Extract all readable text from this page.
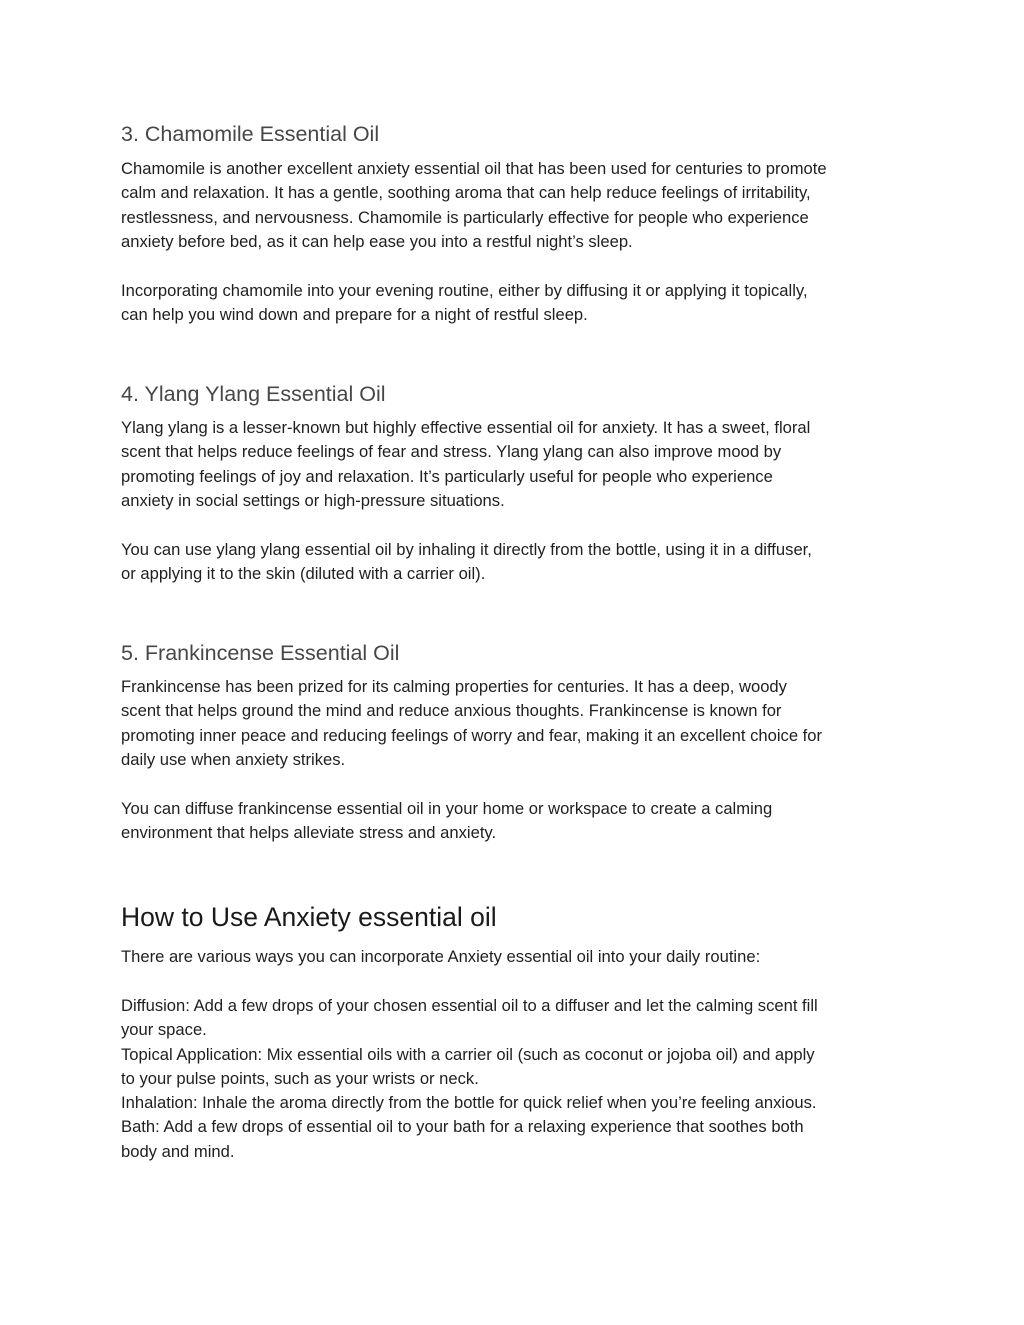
3. Chamomile Essential Oil
Chamomile is another excellent anxiety essential oil that has been used for centuries to promote
calm and relaxation. It has a gentle, soothing aroma that can help reduce feelings of irritability,
restlessness, and nervousness. Chamomile is particularly effective for people who experience
anxiety before bed, as it can help ease you into a restful night’s sleep.
Incorporating chamomile into your evening routine, either by diffusing it or applying it topically,
can help you wind down and prepare for a night of restful sleep.
4. Ylang Ylang Essential Oil
Ylang ylang is a lesser-known but highly effective essential oil for anxiety. It has a sweet, floral
scent that helps reduce feelings of fear and stress. Ylang ylang can also improve mood by
promoting feelings of joy and relaxation. It’s particularly useful for people who experience
anxiety in social settings or high-pressure situations.
You can use ylang ylang essential oil by inhaling it directly from the bottle, using it in a diffuser,
or applying it to the skin (diluted with a carrier oil).
5. Frankincense Essential Oil
Frankincense has been prized for its calming properties for centuries. It has a deep, woody
scent that helps ground the mind and reduce anxious thoughts. Frankincense is known for
promoting inner peace and reducing feelings of worry and fear, making it an excellent choice for
daily use when anxiety strikes.
You can diffuse frankincense essential oil in your home or workspace to create a calming
environment that helps alleviate stress and anxiety.
How to Use Anxiety essential oil
There are various ways you can incorporate Anxiety essential oil into your daily routine:
Diffusion: Add a few drops of your chosen essential oil to a diffuser and let the calming scent fill
your space.
Topical Application: Mix essential oils with a carrier oil (such as coconut or jojoba oil) and apply
to your pulse points, such as your wrists or neck.
Inhalation: Inhale the aroma directly from the bottle for quick relief when you’re feeling anxious.
Bath: Add a few drops of essential oil to your bath for a relaxing experience that soothes both
body and mind.
